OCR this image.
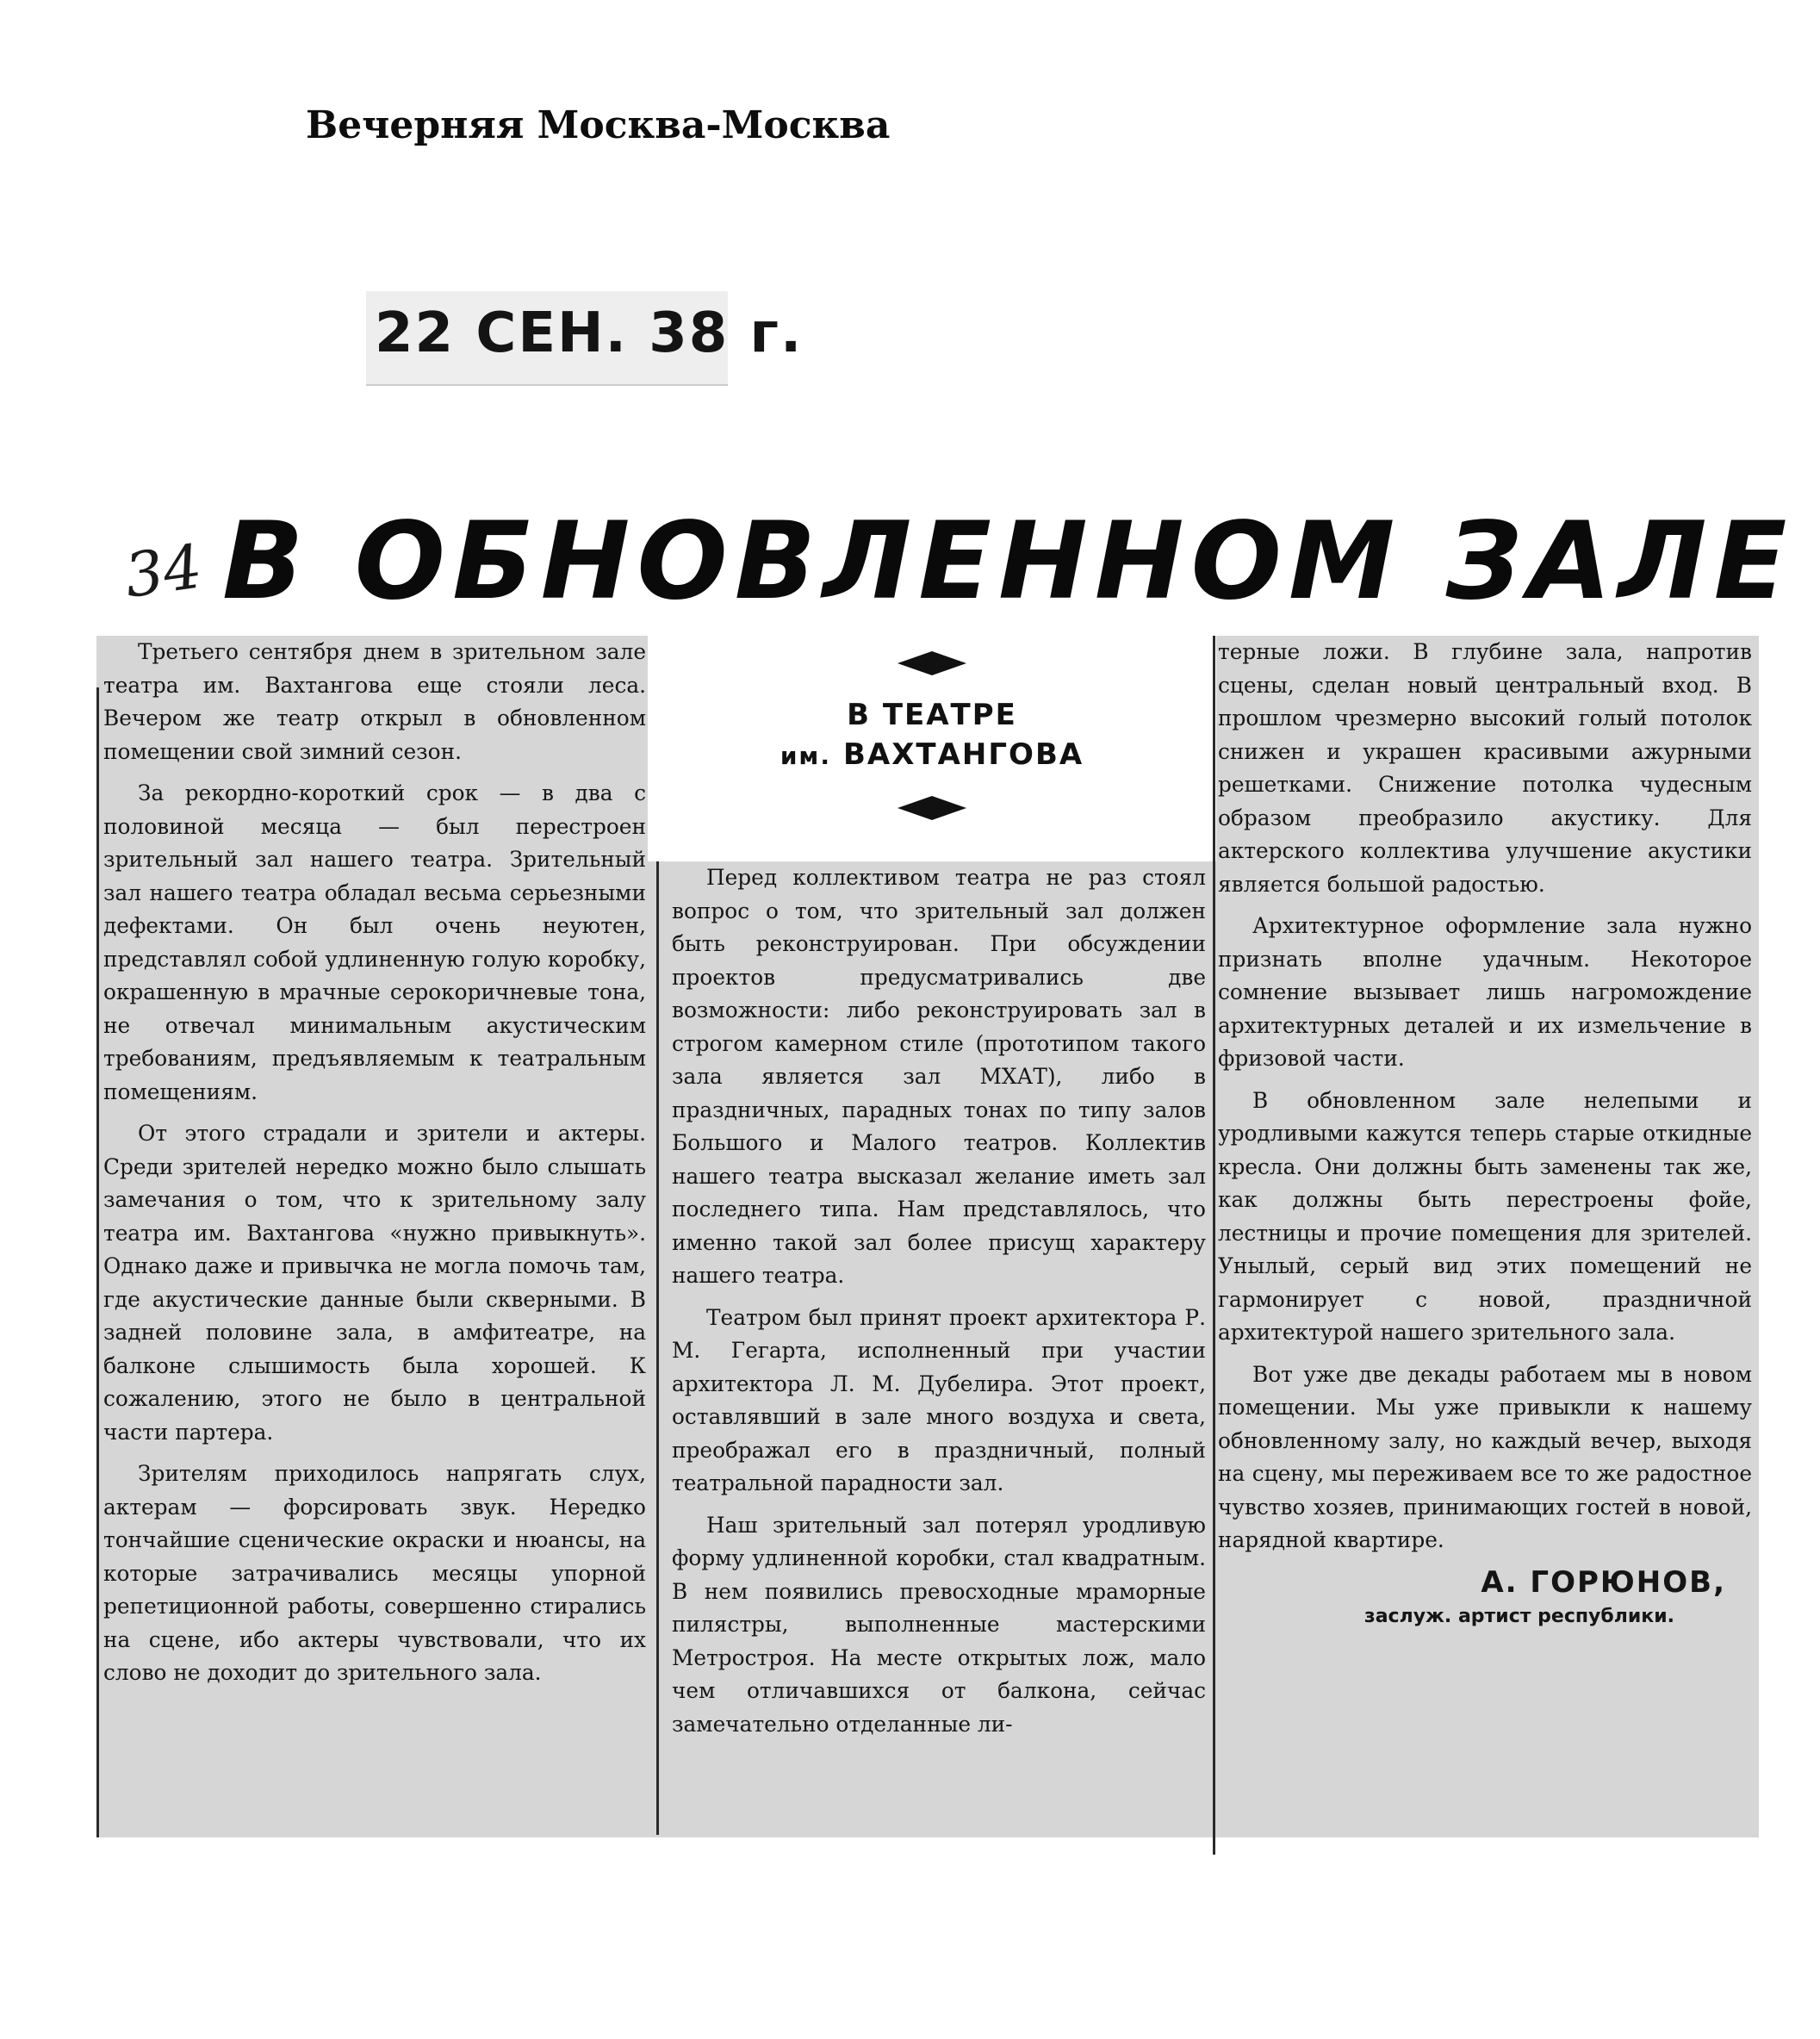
Вечерняя Москва-Москва
22 СЕН. 38 г.
34 В ОБНОВЛЕННОМ ЗАЛЕ

Третьего сентября днем в зрительном зале театра им. Вахтангова еще стояли леса. Вечером же театр открыл в обновленном помещении свой зимний сезон.

За рекордно-короткий срок — в два с половиной месяца — был перестроен зрительный зал нашего театра. Зрительный зал нашего театра обладал весьма серьезными дефектами. Он был очень неуютен, представлял собой удлиненную голую коробку, окрашенную в мрачные серокоричневые тона, не отвечал минимальным акустическим требованиям, предъявляемым к театральным помещениям.

От этого страдали и зрители и актеры. Среди зрителей нередко можно было слышать замечания о том, что к зрительному залу театра им. Вахтангова «нужно привыкнуть». Однако даже и привычка не могла помочь там, где акустические данные были скверными. В задней половине зала, в амфитеатре, на балконе слышимость была хорошей. К сожалению, этого не было в центральной части партера.

Зрителям приходилось напрягать слух, актерам — форсировать звук. Нередко тончайшие сценические окраски и нюансы, на которые затрачивались месяцы упорной репетиционной работы, совершенно стирались на сцене, ибо актеры чувствовали, что их слово не доходит до зрительного зала.

В ТЕАТРЕ
им. ВАХТАНГОВА

Перед коллективом театра не раз стоял вопрос о том, что зрительный зал должен быть реконструирован. При обсуждении проектов предусматривались две возможности: либо реконструировать зал в строгом камерном стиле (прототипом такого зала является зал МХАТ), либо в праздничных, парадных тонах по типу залов Большого и Малого театров. Коллектив нашего театра высказал желание иметь зал последнего типа. Нам представлялось, что именно такой зал более присущ характеру нашего театра.

Театром был принят проект архитектора Р. М. Гегарта, исполненный при участии архитектора Л. М. Дубелира. Этот проект, оставлявший в зале много воздуха и света, преображал его в праздничный, полный театральной парадности зал.

Наш зрительный зал потерял уродливую форму удлиненной коробки, стал квадратным. В нем появились превосходные мраморные пилястры, выполненные мастерскими Метростроя. На месте открытых лож, мало чем отличавшихся от балкона, сейчас замечательно отделанные ли-

терные ложи. В глубине зала, напротив сцены, сделан новый центральный вход. В прошлом чрезмерно высокий голый потолок снижен и украшен красивыми ажурными решетками. Снижение потолка чудесным образом преобразило акустику. Для актерского коллектива улучшение акустики является большой радостью.

Архитектурное оформление зала нужно признать вполне удачным. Некоторое сомнение вызывает лишь нагромождение архитектурных деталей и их измельчение в фризовой части.

В обновленном зале нелепыми и уродливыми кажутся теперь старые откидные кресла. Они должны быть заменены так же, как должны быть перестроены фойе, лестницы и прочие помещения для зрителей. Унылый, серый вид этих помещений не гармонирует с новой, праздничной архитектурой нашего зрительного зала.

Вот уже две декады работаем мы в новом помещении. Мы уже привыкли к нашему обновленному залу, но каждый вечер, выходя на сцену, мы переживаем все то же радостное чувство хозяев, принимающих гостей в новой, нарядной квартире.

А. ГОРЮНОВ,
заслуж. артист республики.
